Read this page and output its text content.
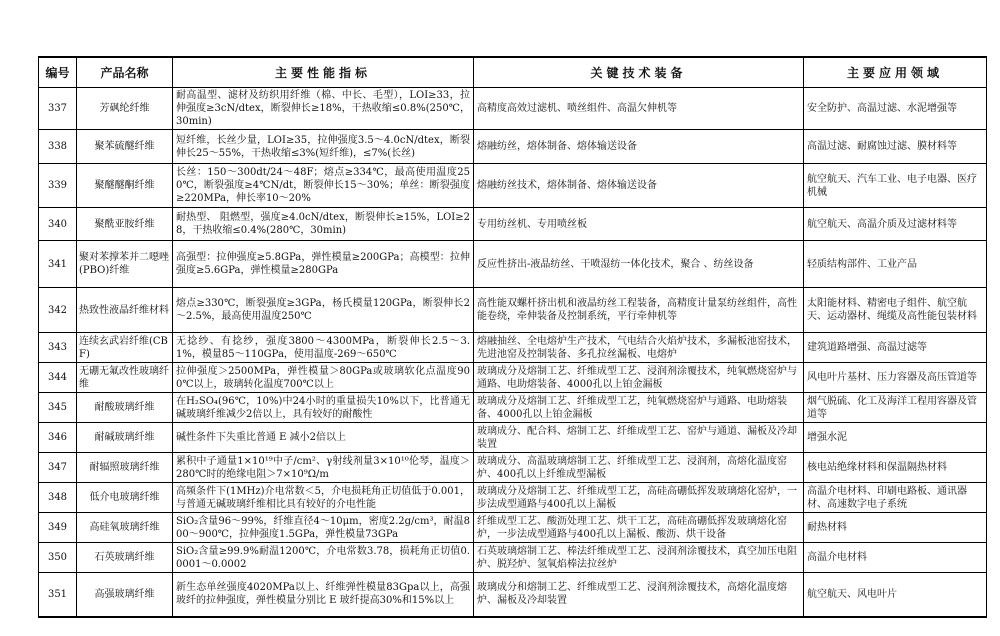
编号	产品名称	主要性能指标	关键技术装备	主要应用领域
337	芳砜纶纤维	耐高温型、滤材及纺织用纤维（棉、中长、毛型），LOI≥33，拉伸强度≥3cN/dtex，断裂伸长≥18%，干热收缩≤0.8%(250℃，30min)	高精度高效过滤机、喷丝组件、高温欠伸机等	安全防护、高温过滤、水泥增强等
338	聚苯硫醚纤维	短纤维，长丝少量，LOI≥35，拉伸强度3.5～4.0cN/dtex，断裂伸长25～55%，干热收缩≤3%(短纤维)，≤7%(长丝)	熔融纺丝，熔体制备、熔体输送设备	高温过滤、耐腐蚀过滤、膜材料等
339	聚醚醚酮纤维	长丝：150～300dt/24～48F；熔点≥334℃，最高使用温度250℃，断裂强度≥4℃N/dt，断裂伸长15～30%；单丝：断裂强度≥220MPa，伸长率10～20%	熔融纺丝技术，熔体制备、熔体输送设备	航空航天、汽车工业、电子电器、医疗机械
340	聚酰亚胺纤维	耐热型、 阻燃型，强度≥4.0cN/dtex，断裂伸长≥15%，LOI≥28，干热收缩≤0.4%(280℃，30min)	专用纺丝机、专用喷丝板	航空航天、高温介质及过滤材料等
341	聚对苯撑苯并二噁唑(PBO)纤维	高强型：拉伸强度≥5.8GPa，弹性模量≥200GPa；高模型：拉伸强度≥5.6GPa，弹性模量≥280GPa	反应性挤出-液晶纺丝、干喷湿纺一体化技术，聚合 、纺丝设备	轻质结构部件、工业产品
342	热致性液晶纤维材料	熔点≥330℃，断裂强度≥3GPa，杨氏模量120GPa，断裂伸长2～2.5%，最高使用温度250℃	高性能双螺杆挤出机和液晶纺丝工程装备，高精度计量泵纺丝组件，高性能卷绕，牵伸装备及控制系统，平行牵伸机等	太阳能材料、精密电子组件、航空航天、运动器材、绳缆及高性能包装材料
343	连续玄武岩纤维(CBF)	无捻纱、有捻纱，强度3800～4300MPa，断裂伸长2.5～3.1%，模量85～110GPa，使用温度-269～650℃	熔融抽丝、全电熔炉生产技术，气电结合火焰炉技术，多漏板池窑技术，先进池窑及控制装备、多孔拉丝漏板、电熔炉	建筑道路增强、高温过滤等
344	无硼无氟改性玻璃纤维	拉伸强度＞2500MPa，弹性模量＞80GPa或玻璃软化点温度900℃以上，玻璃转化温度700℃以上	玻璃成分及熔制工艺、纤维成型工艺、浸润剂涂覆技术，纯氧燃烧窑炉与通路、电助熔装备、4000孔以上铂金漏板	风电叶片基材、压力容器及高压管道等
345	耐酸玻璃纤维	在H₂SO₄(96℃，10%)中24小时的重量损失10%以下，比普通无碱玻璃纤维减少2倍以上，具有较好的耐酸性	玻璃成分及熔制工艺、纤维成型工艺，纯氧燃烧窑炉与通路、电助熔装备、4000孔以上铂金漏板	烟气脱硫、化工及海洋工程用容器及管道等
346	耐碱玻璃纤维	碱性条件下失重比普通 E 减小2倍以上	玻璃成分、配合料、熔制工艺、纤维成型工艺、窑炉与通道、漏板及冷却装置	增强水泥
347	耐辐照玻璃纤维	累积中子通量1×10¹⁹中子/cm²、γ射线剂量3×10¹⁰伦琴，温度＞280℃时的绝缘电阻＞7×10⁹Ω/m	玻璃成分、高温玻璃熔制工艺、纤维成型工艺、浸润剂，高熔化温度窑炉、400孔以上纤维成型漏板	核电站绝缘材料和保温隔热材料
348	低介电玻璃纤维	高频条件下(1MHz)介电常数＜5，介电损耗角正切值低于0.001，与普通无碱玻璃纤维相比具有较好的介电性能	玻璃成分及熔制工艺、纤维成型工艺，高硅高硼低挥发玻璃熔化窑炉，一步法成型通路与400孔以上漏板	高温介电材料、印刷电路板、通讯器材、高速数字电子系统
349	高硅氧玻璃纤维	SiO₂含量96～99%，纤维直径4～10μm，密度2.2g/cm³，耐温800～900℃，拉伸强度1.5GPa，弹性模量73GPa	纤维成型工艺、酸沥处理工艺、烘干工艺，高硅高硼低挥发玻璃熔化窑炉，一步法成型通路与400孔以上漏板、酸沥、烘干设备	耐热材料
350	石英玻璃纤维	SiO₂含量≥99.9%耐温1200℃，介电常数3.78，损耗角正切值0.0001～0.0002	石英玻璃熔制工艺、棒法纤维成型工艺、浸润剂涂覆技术，真空加压电阻炉、脱羟炉、氢氧焰棒法拉丝炉	高温介电材料
351	高强玻璃纤维	新生态单丝强度4020MPa以上、纤维弹性模量83Gpa以上，高强玻纤的拉伸强度，弹性模量分别比 E 玻纤提高30%和15%以上	玻璃成分和熔制工艺、纤维成型工艺、浸润剂涂覆技术，高熔化温度熔炉、漏板及冷却装置	航空航天、风电叶片
